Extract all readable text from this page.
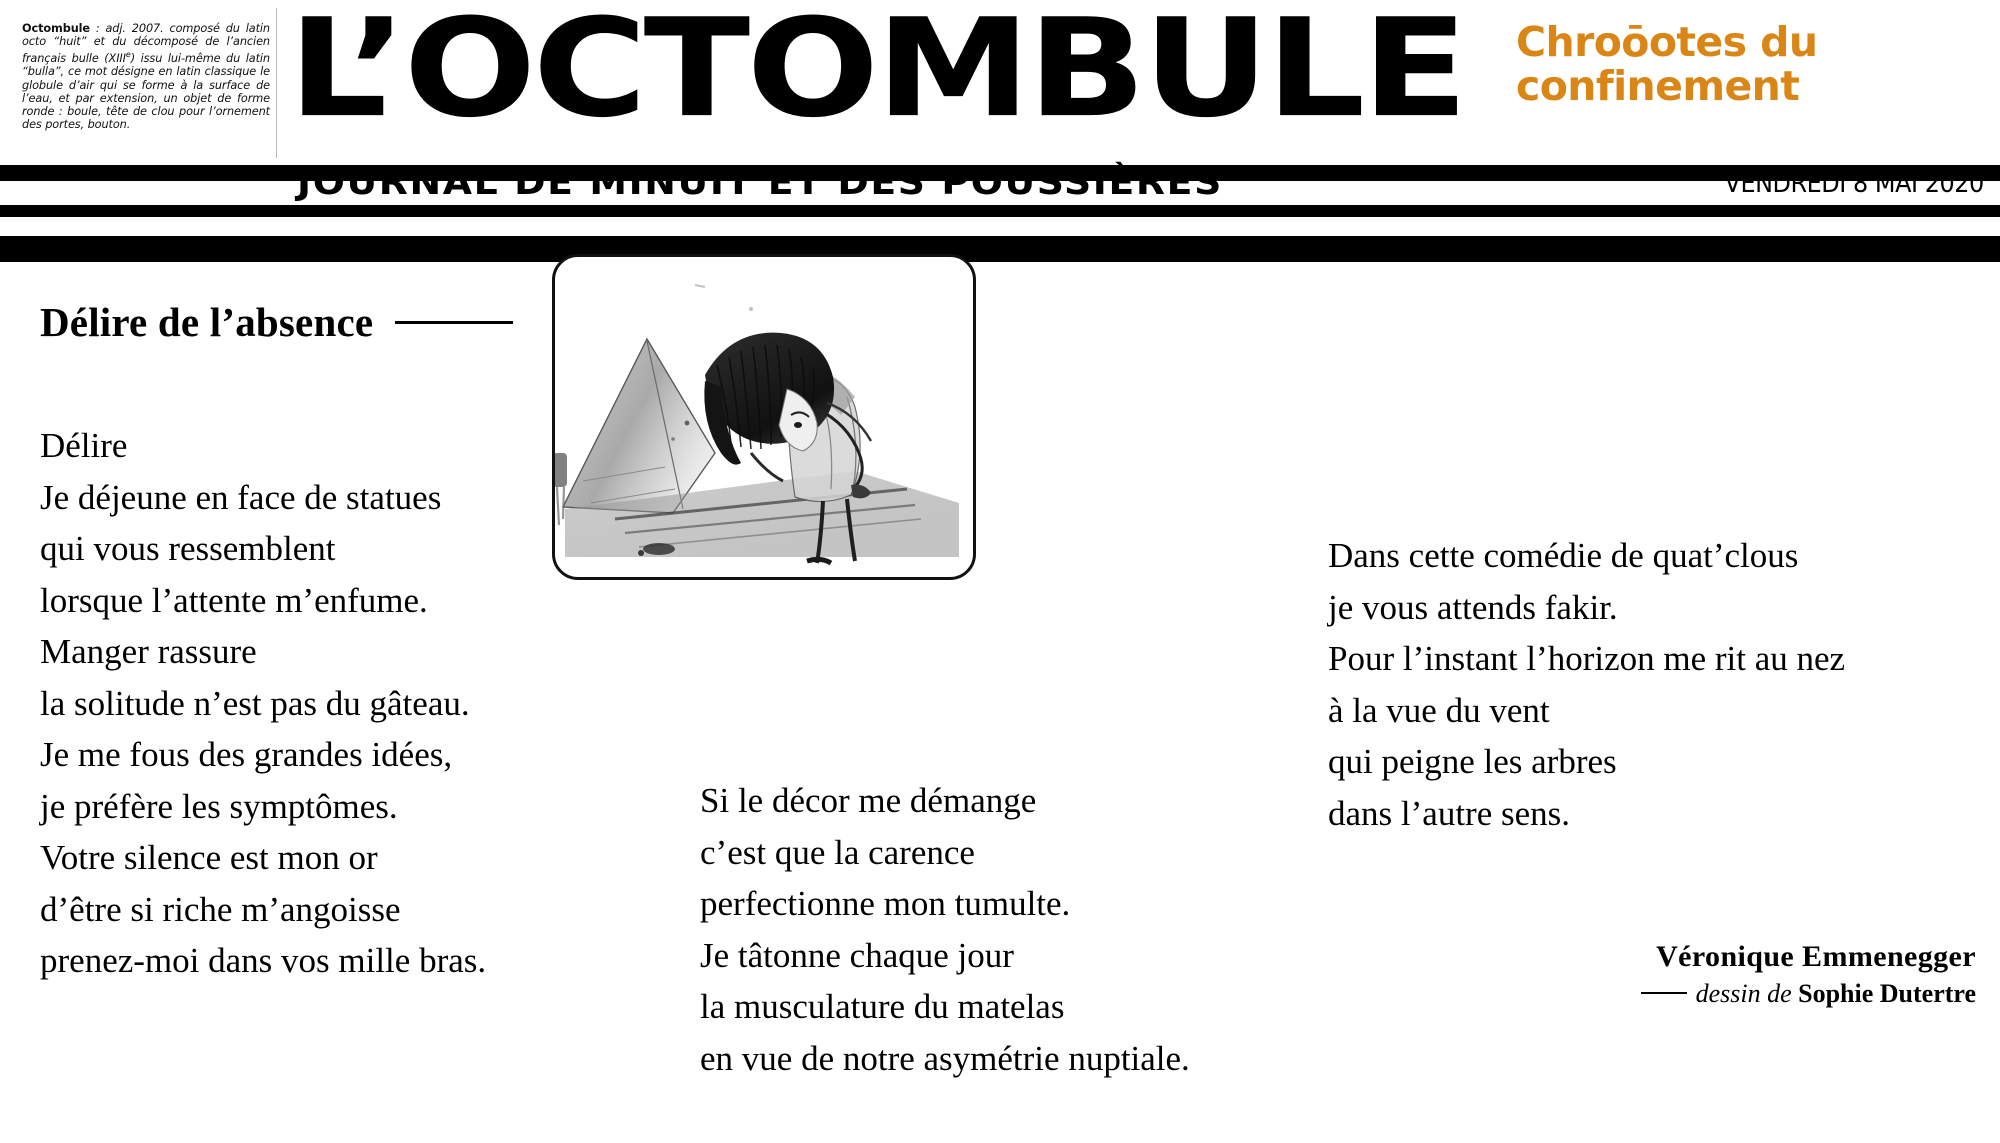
Octombule : adj. 2007. composé du latin octo “huit” et du décomposé de l’ancien français bulle (XIIIe) issu lui-même du latin “bulla”, ce mot désigne en latin classique le globule d’air qui se forme à la surface de l’eau, et par extension, un objet de forme ronde : boule, tête de clou pour l’ornement des portes, bouton.	L’OCTOMBULE	Chroōotes du
confinement
JOURNAL DE MINUIT ET DES POUSSIÈRES	VENDREDI 8 MAI 2020
Délire de l’absence
Délire
Je déjeune en face de statues
qui vous ressemblent
lorsque l’attente m’enfume.
Manger rassure
la solitude n’est pas du gâteau.
Je me fous des grandes idées,
je préfère les symptômes.
Votre silence est mon or
d’être si riche m’angoisse
prenez-moi dans vos mille bras.
Si le décor me démange
c’est que la carence
perfectionne mon tumulte.
Je tâtonne chaque jour
la musculature du matelas
en vue de notre asymétrie nuptiale.
Dans cette comédie de quat’clous
je vous attends fakir.
Pour l’instant l’horizon me rit au nez
à la vue du vent
qui peigne les arbres
dans l’autre sens.
Véronique Emmenegger
dessin de Sophie Dutertre
